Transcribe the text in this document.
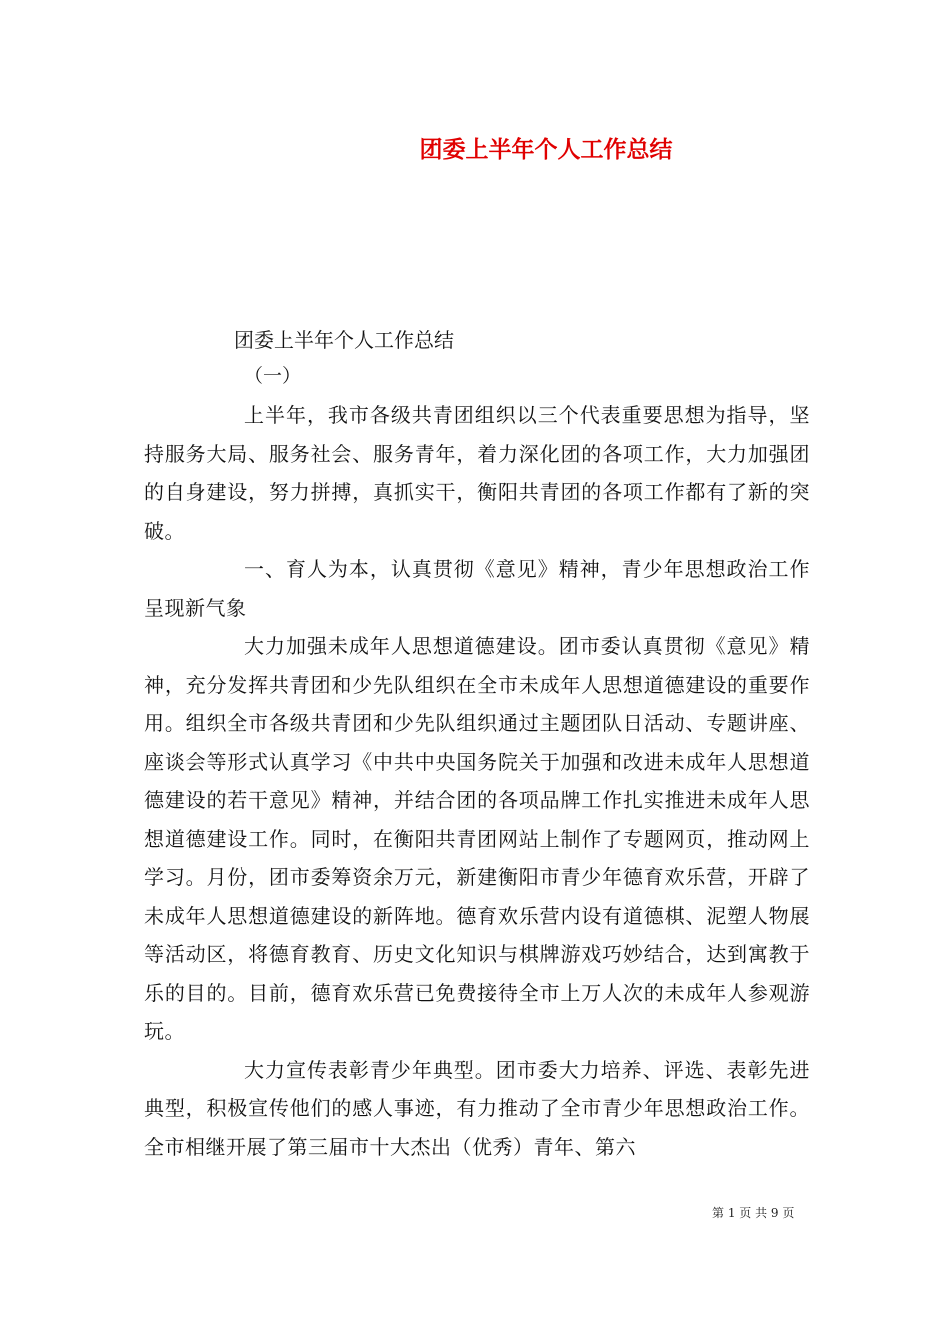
团委上半年个人工作总结
团委上半年个人工作总结
（一）

上半年，我市各级共青团组织以三个代表重要思想为指导，坚持服务大局、服务社会、服务青年，着力深化团的各项工作，大力加强团的自身建设，努力拼搏，真抓实干，衡阳共青团的各项工作都有了新的突破。

一、育人为本，认真贯彻《意见》精神，青少年思想政治工作呈现新气象

大力加强未成年人思想道德建设。团市委认真贯彻《意见》精神，充分发挥共青团和少先队组织在全市未成年人思想道德建设的重要作用。组织全市各级共青团和少先队组织通过主题团队日活动、专题讲座、座谈会等形式认真学习《中共中央国务院关于加强和改进未成年人思想道德建设的若干意见》精神，并结合团的各项品牌工作扎实推进未成年人思想道德建设工作。同时，在衡阳共青团网站上制作了专题网页，推动网上学习。月份，团市委筹资余万元，新建衡阳市青少年德育欢乐营，开辟了未成年人思想道德建设的新阵地。德育欢乐营内设有道德棋、泥塑人物展等活动区，将德育教育、历史文化知识与棋牌游戏巧妙结合，达到寓教于乐的目的。目前，德育欢乐营已免费接待全市上万人次的未成年人参观游玩。

大力宣传表彰青少年典型。团市委大力培养、评选、表彰先进典型，积极宣传他们的感人事迹，有力推动了全市青少年思想政治工作。全市相继开展了第三届市十大杰出（优秀）青年、第六

第 1 页 共 9 页
